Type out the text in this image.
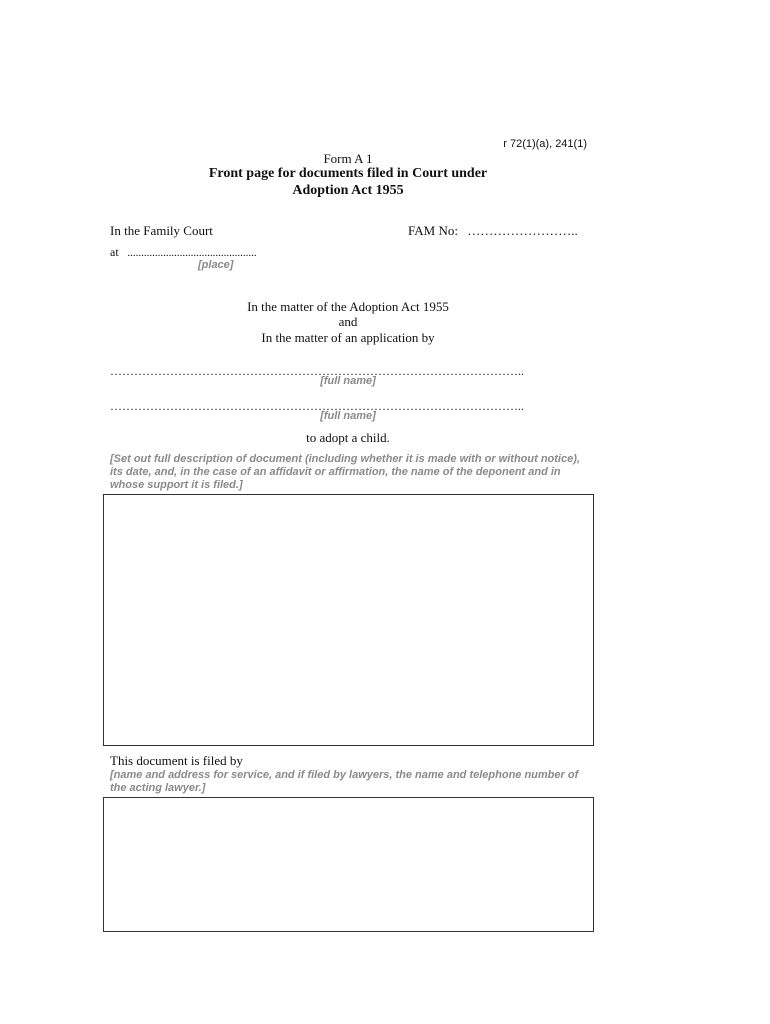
r 72(1)(a), 241(1)
Form A 1
Front page for documents filed in Court under
Adoption Act 1955
In the Family Court	FAM No: ……………………..
at ...............................................
[place]
In the matter of the Adoption Act 1955
and
In the matter of an application by
…………………………………………………………………………………………..
[full name]
…………………………………………………………………………………………..
[full name]
to adopt a child.
[Set out full description of document (including whether it is made with or without notice), its date, and, in the case of an affidavit or affirmation, the name of the deponent and in whose support it is filed.]
This document is filed by
[name and address for service, and if filed by lawyers, the name and telephone number of the acting lawyer.]
